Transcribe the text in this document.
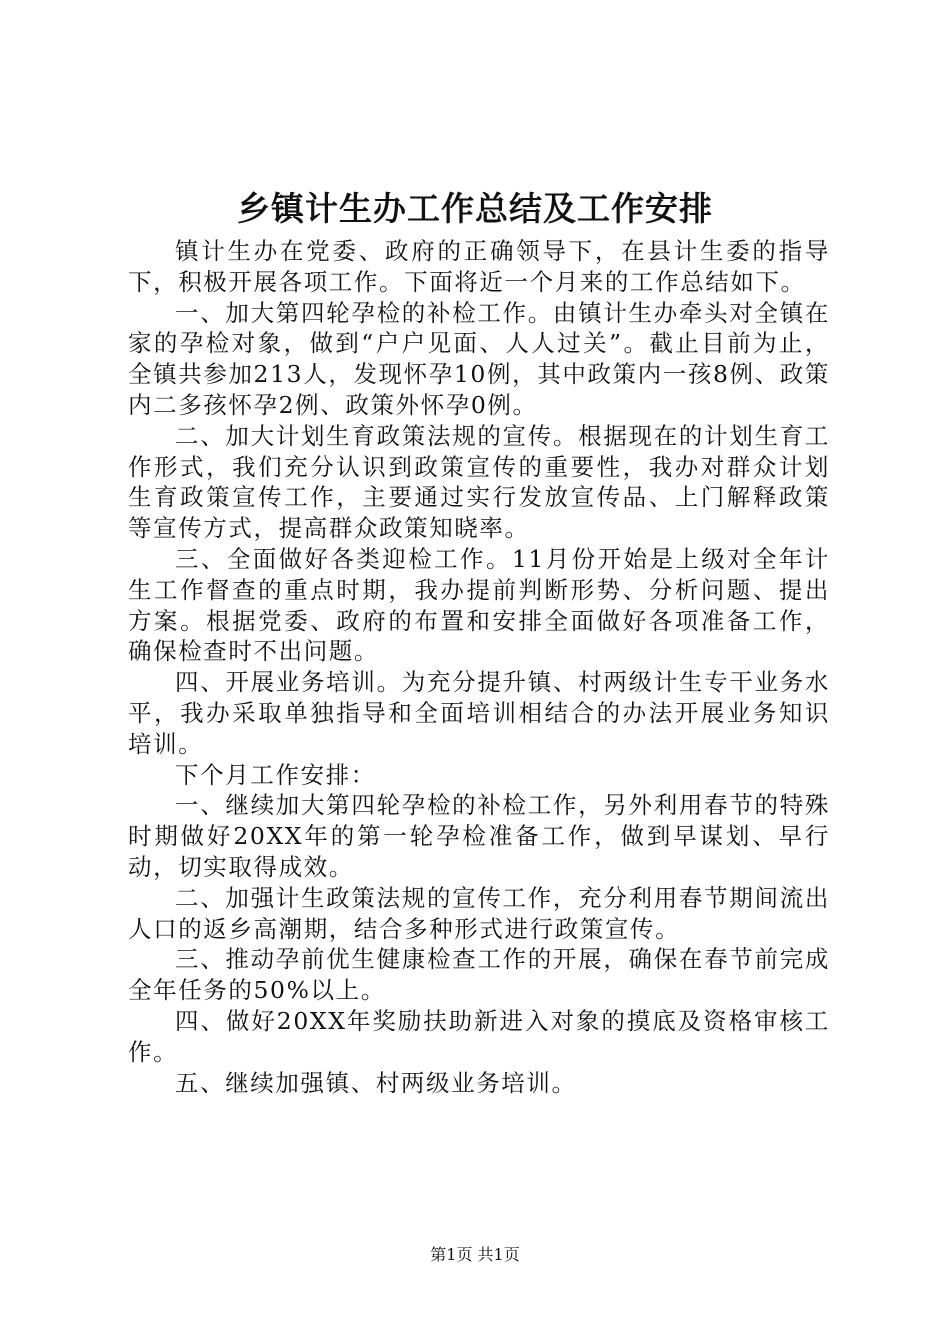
乡镇计生办工作总结及工作安排

镇计生办在党委、政府的正确领导下，在县计生委的指导下，积极开展各项工作。下面将近一个月来的工作总结如下。

一、加大第四轮孕检的补检工作。由镇计生办牵头对全镇在家的孕检对象，做到“户户见面、人人过关”。截止目前为止，全镇共参加213人，发现怀孕10例，其中政策内一孩8例、政策内二多孩怀孕2例、政策外怀孕0例。

二、加大计划生育政策法规的宣传。根据现在的计划生育工作形式，我们充分认识到政策宣传的重要性，我办对群众计划生育政策宣传工作，主要通过实行发放宣传品、上门解释政策等宣传方式，提高群众政策知晓率。

三、全面做好各类迎检工作。11月份开始是上级对全年计生工作督查的重点时期，我办提前判断形势、分析问题、提出方案。根据党委、政府的布置和安排全面做好各项准备工作，确保检查时不出问题。

四、开展业务培训。为充分提升镇、村两级计生专干业务水平，我办采取单独指导和全面培训相结合的办法开展业务知识培训。

下个月工作安排：

一、继续加大第四轮孕检的补检工作，另外利用春节的特殊时期做好20XX年的第一轮孕检准备工作，做到早谋划、早行动，切实取得成效。

二、加强计生政策法规的宣传工作，充分利用春节期间流出人口的返乡高潮期，结合多种形式进行政策宣传。

三、推动孕前优生健康检查工作的开展，确保在春节前完成全年任务的50%以上。

四、做好20XX年奖励扶助新进入对象的摸底及资格审核工作。

五、继续加强镇、村两级业务培训。

第1页 共1页
